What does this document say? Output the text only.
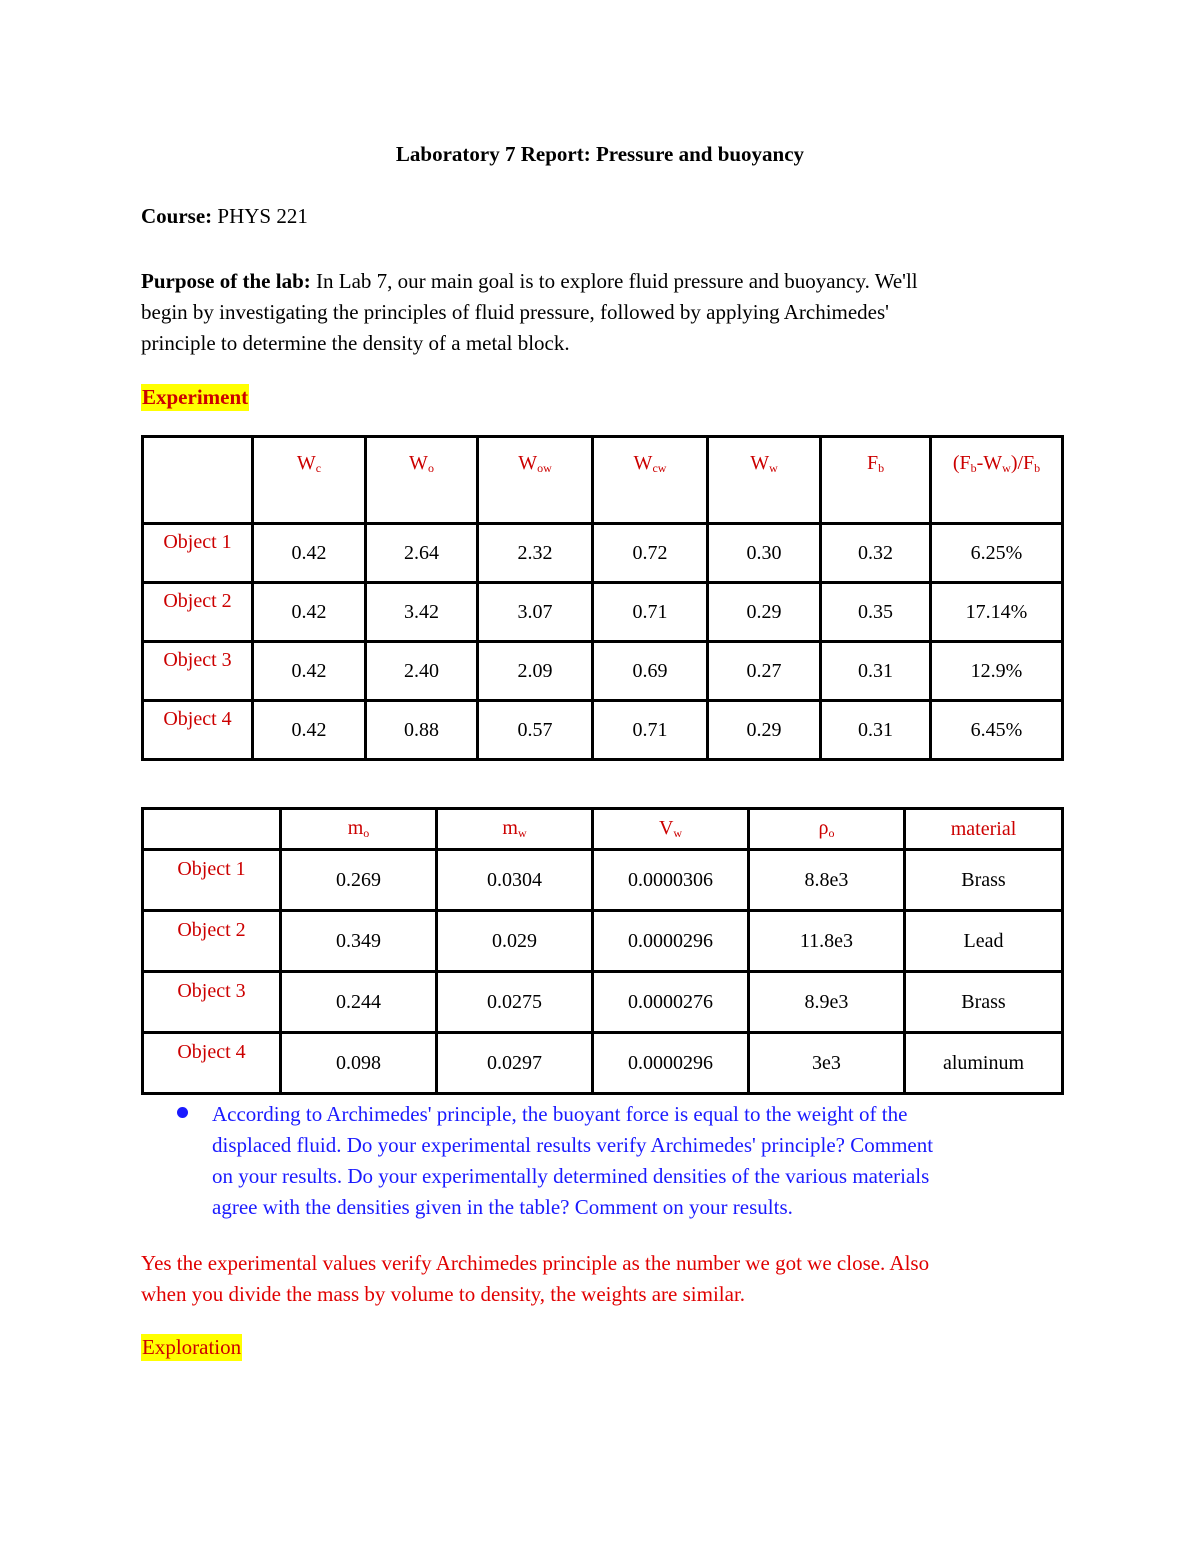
Laboratory 7 Report: Pressure and buoyancy
Course: PHYS 221
Purpose of the lab: In Lab 7, our main goal is to explore fluid pressure and buoyancy. We'll
begin by investigating the principles of fluid pressure, followed by applying Archimedes'
principle to determine the density of a metal block.
Experiment
	$W_c$	$W_o$	$W_{ow}$	$W_{cw}$	$W_w$	$F_b$	$(F_b-W_w)/F_b$
Object 1	0.42	2.64	2.32	0.72	0.30	0.32	6.25%
Object 2	0.42	3.42	3.07	0.71	0.29	0.35	17.14%
Object 3	0.42	2.40	2.09	0.69	0.27	0.31	12.9%
Object 4	0.42	0.88	0.57	0.71	0.29	0.31	6.45%
	$m_o$	$m_w$	$V_w$	$\rho_o$	material
Object 1	0.269	0.0304	0.0000306	8.8e3	Brass
Object 2	0.349	0.029	0.0000296	11.8e3	Lead
Object 3	0.244	0.0275	0.0000276	8.9e3	Brass
Object 4	0.098	0.0297	0.0000296	3e3	aluminum
According to Archimedes' principle, the buoyant force is equal to the weight of the
displaced fluid. Do your experimental results verify Archimedes' principle? Comment
on your results. Do your experimentally determined densities of the various materials
agree with the densities given in the table? Comment on your results.
Yes the experimental values verify Archimedes principle as the number we got we close. Also
when you divide the mass by volume to density, the weights are similar.
Exploration
